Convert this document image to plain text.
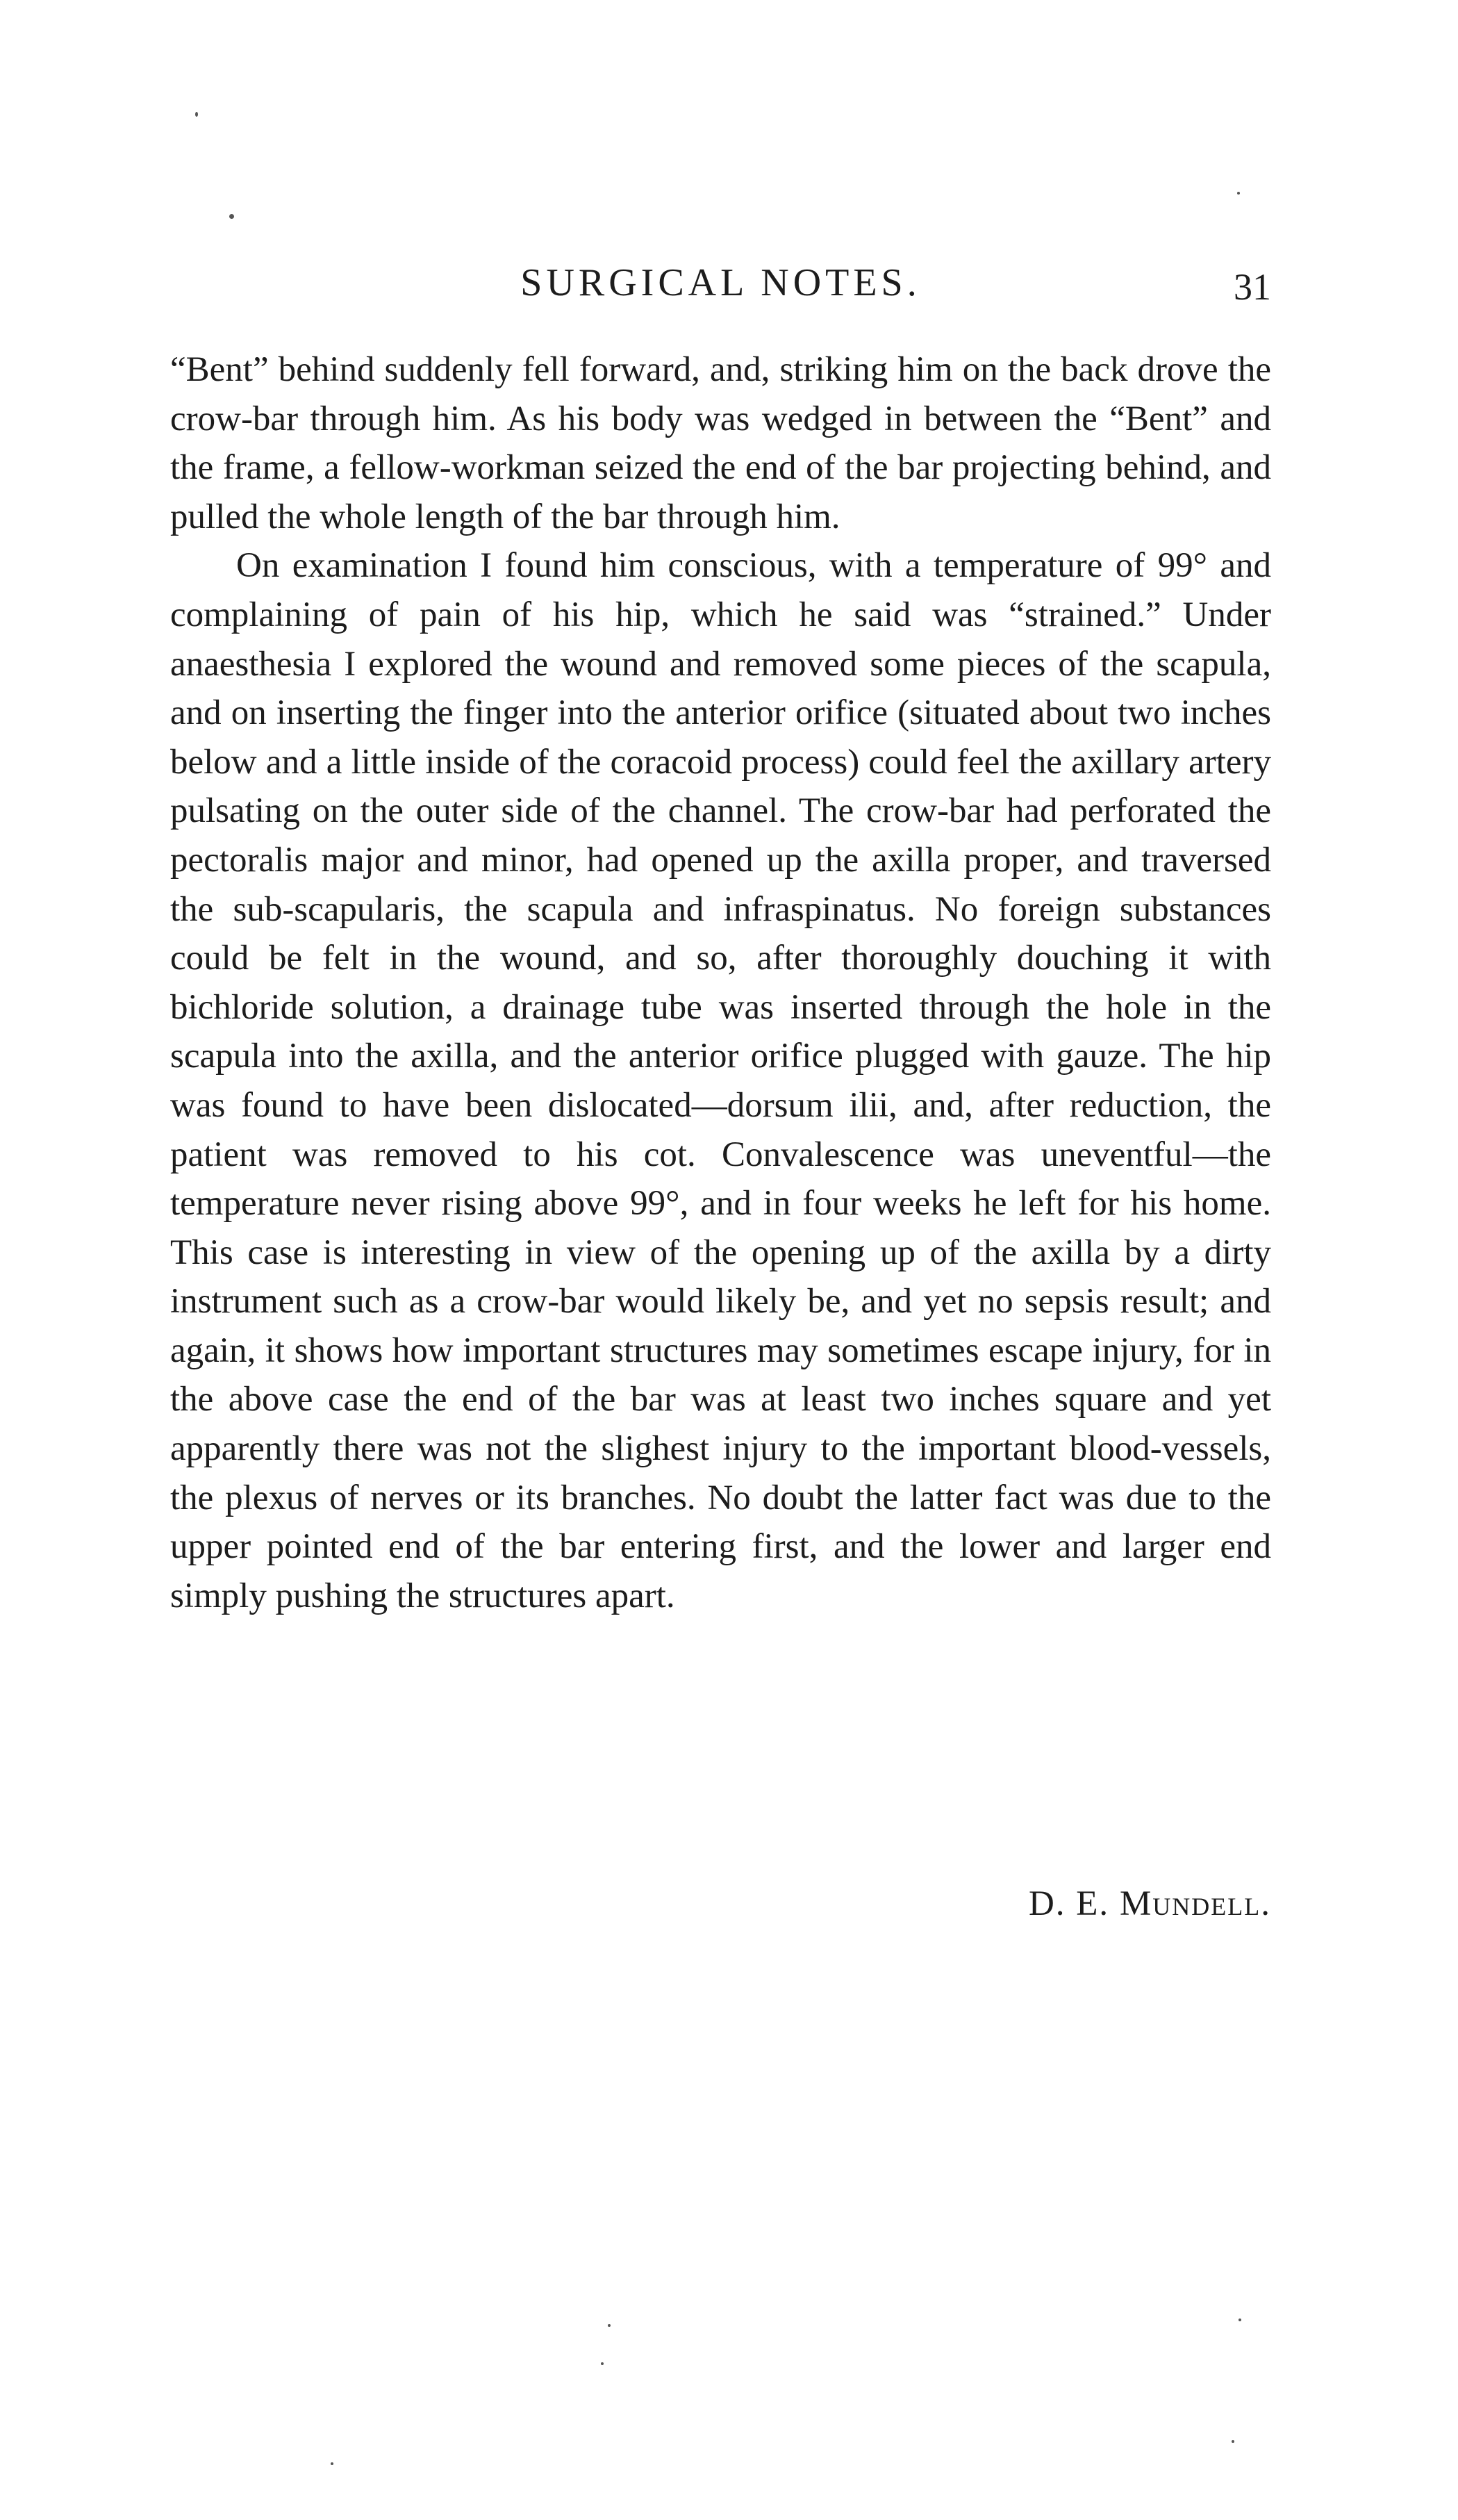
SURGICAL NOTES.	31

“Bent” behind suddenly fell forward, and, striking him on the back drove the crow-bar through him. As his body was wedged in between the “Bent” and the frame, a fellow-workman seized the end of the bar projecting behind, and pulled the whole length of the bar through him.

On examination I found him conscious, with a temperature of 99° and complaining of pain of his hip, which he said was “strained.” Under anaesthesia I explored the wound and removed some pieces of the scapula, and on inserting the finger into the anterior orifice (situated about two inches below and a little inside of the coracoid process) could feel the axillary artery pulsating on the outer side of the channel. The crow-bar had perforated the pectoralis major and minor, had opened up the axilla proper, and traversed the sub-scapularis, the scapula and infraspinatus. No foreign substances could be felt in the wound, and so, after thoroughly douching it with bichloride solution, a drainage tube was inserted through the hole in the scapula into the axilla, and the anterior orifice plugged with gauze. The hip was found to have been dislocated—dorsum ilii, and, after reduction, the patient was removed to his cot. Convalescence was uneventful—the temperature never rising above 99°, and in four weeks he left for his home. This case is interesting in view of the opening up of the axilla by a dirty instrument such as a crow-bar would likely be, and yet no sepsis result; and again, it shows how important structures may sometimes escape injury, for in the above case the end of the bar was at least two inches square and yet apparently there was not the slighest injury to the important blood-vessels, the plexus of nerves or its branches. No doubt the latter fact was due to the upper pointed end of the bar entering first, and the lower and larger end simply pushing the structures apart.

D. E. Mundell.
